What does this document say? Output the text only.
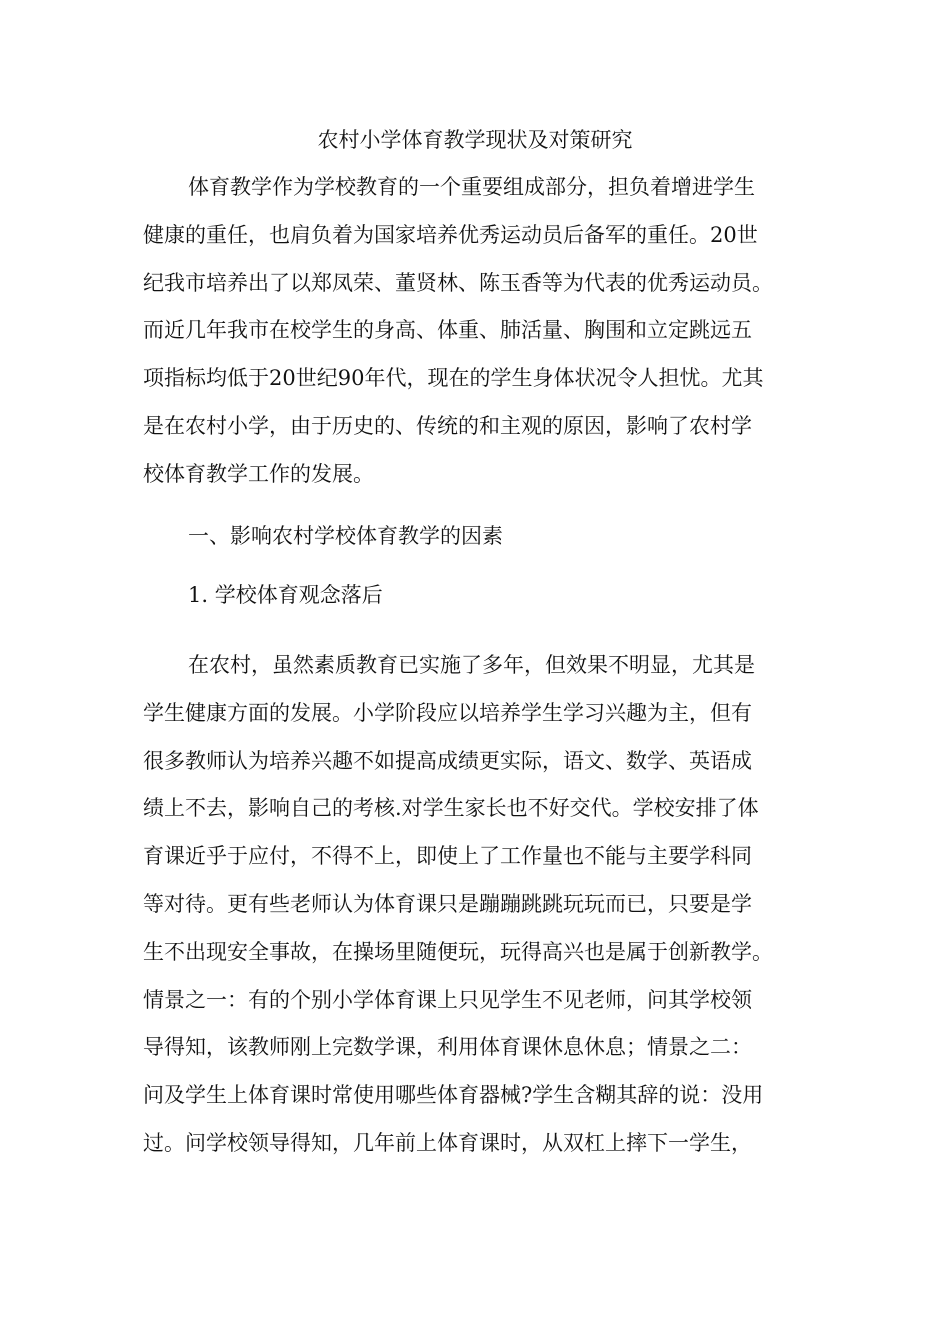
农村小学体育教学现状及对策研究
体育教学作为学校教育的一个重要组成部分，担负着增进学生
健康的重任，也肩负着为国家培养优秀运动员后备军的重任。20世
纪我市培养出了以郑凤荣、董贤林、陈玉香等为代表的优秀运动员。
而近几年我市在校学生的身高、体重、肺活量、胸围和立定跳远五
项指标均低于20世纪90年代，现在的学生身体状况令人担忧。尤其
是在农村小学，由于历史的、传统的和主观的原因，影响了农村学
校体育教学工作的发展。
一、影响农村学校体育教学的因素
1. 学校体育观念落后
在农村，虽然素质教育已实施了多年，但效果不明显，尤其是
学生健康方面的发展。小学阶段应以培养学生学习兴趣为主，但有
很多教师认为培养兴趣不如提高成绩更实际，语文、数学、英语成
绩上不去，影响自己的考核.对学生家长也不好交代。学校安排了体
育课近乎于应付，不得不上，即使上了工作量也不能与主要学科同
等对待。更有些老师认为体育课只是蹦蹦跳跳玩玩而已，只要是学
生不出现安全事故，在操场里随便玩，玩得高兴也是属于创新教学。
情景之一：有的个别小学体育课上只见学生不见老师，问其学校领
导得知，该教师刚上完数学课，利用体育课休息休息；情景之二：
问及学生上体育课时常使用哪些体育器械?学生含糊其辞的说：没用
过。问学校领导得知，几年前上体育课时，从双杠上摔下一学生，
